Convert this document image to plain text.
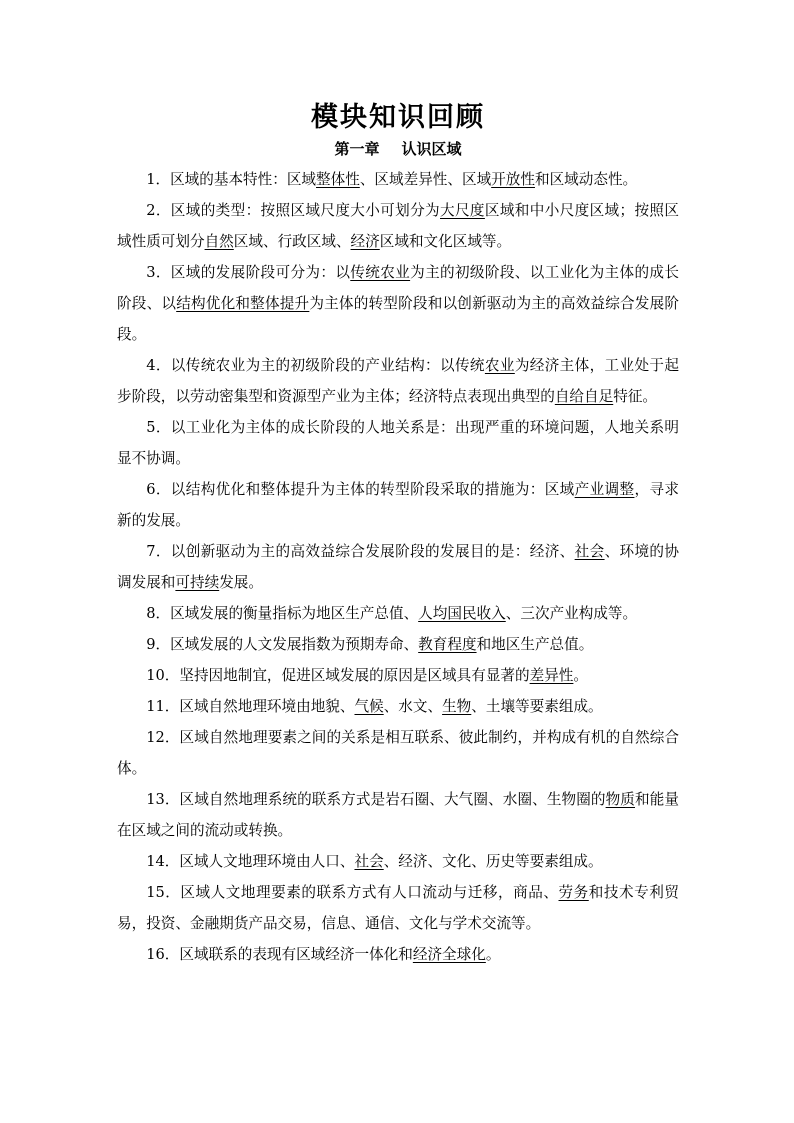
模块知识回顾
第一章 认识区域

1．区域的基本特性：区域整体性、区域差异性、区域开放性和区域动态性。

2．区域的类型：按照区域尺度大小可划分为大尺度区域和中小尺度区域；按照区域性质可划分自然区域、行政区域、经济区域和文化区域等。

3．区域的发展阶段可分为：以传统农业为主的初级阶段、以工业化为主体的成长阶段、以结构优化和整体提升为主体的转型阶段和以创新驱动为主的高效益综合发展阶段。

4．以传统农业为主的初级阶段的产业结构：以传统农业为经济主体，工业处于起步阶段，以劳动密集型和资源型产业为主体；经济特点表现出典型的自给自足特征。

5．以工业化为主体的成长阶段的人地关系是：出现严重的环境问题，人地关系明显不协调。

6．以结构优化和整体提升为主体的转型阶段采取的措施为：区域产业调整，寻求新的发展。

7．以创新驱动为主的高效益综合发展阶段的发展目的是：经济、社会、环境的协调发展和可持续发展。

8．区域发展的衡量指标为地区生产总值、人均国民收入、三次产业构成等。

9．区域发展的人文发展指数为预期寿命、教育程度和地区生产总值。

10．坚持因地制宜，促进区域发展的原因是区域具有显著的差异性。

11．区域自然地理环境由地貌、气候、水文、生物、土壤等要素组成。

12．区域自然地理要素之间的关系是相互联系、彼此制约，并构成有机的自然综合体。

13．区域自然地理系统的联系方式是岩石圈、大气圈、水圈、生物圈的物质和能量在区域之间的流动或转换。

14．区域人文地理环境由人口、社会、经济、文化、历史等要素组成。

15．区域人文地理要素的联系方式有人口流动与迁移，商品、劳务和技术专利贸易，投资、金融期货产品交易，信息、通信、文化与学术交流等。

16．区域联系的表现有区域经济一体化和经济全球化。
